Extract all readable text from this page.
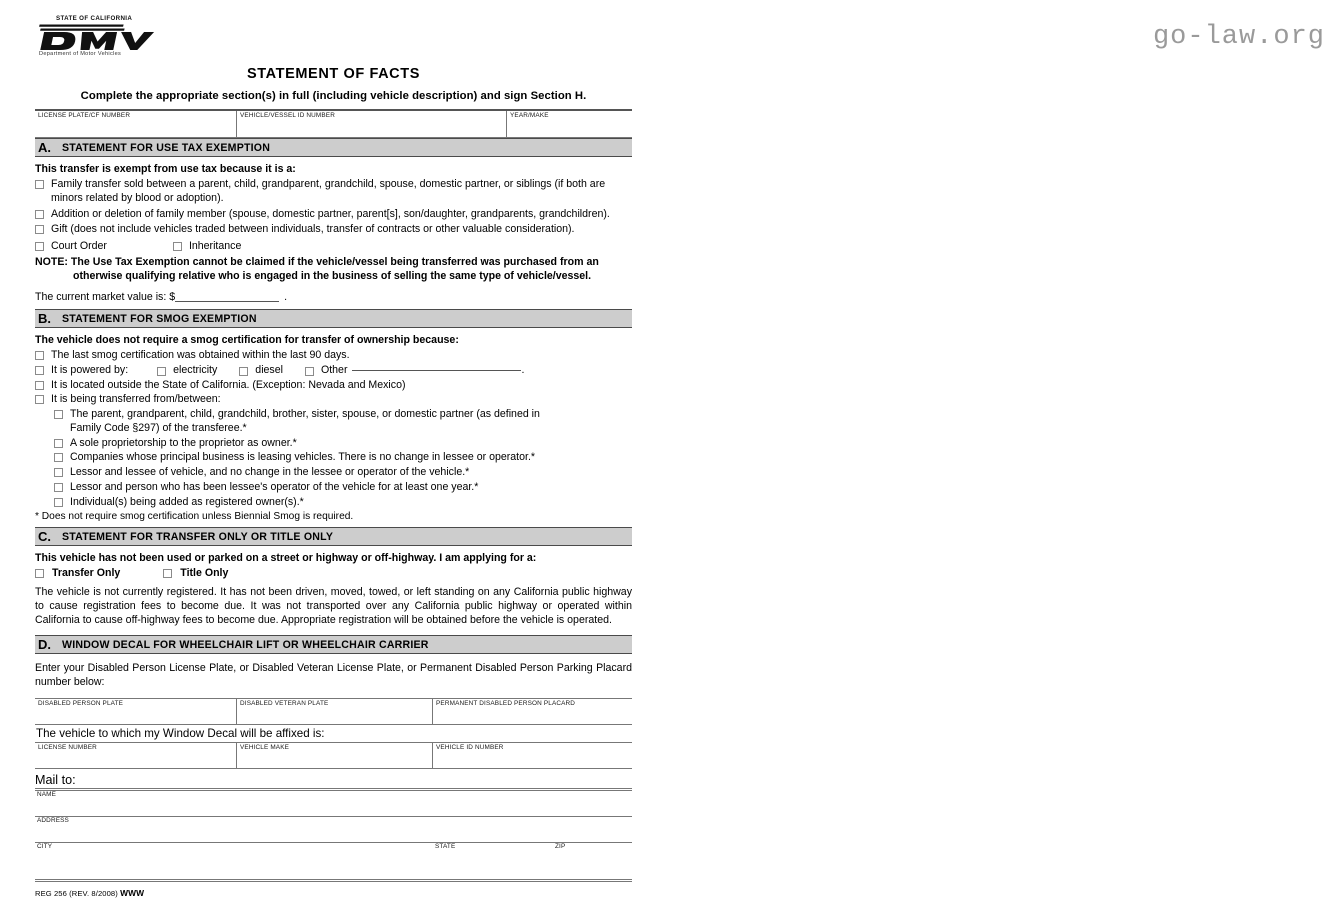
go-law.org
STATE OF CALIFORNIA
Department of Motor Vehicles
STATEMENT OF FACTS
Complete the appropriate section(s) in full (including vehicle description) and sign Section H.
LICENSE PLATE/CF NUMBER	VEHICLE/VESSEL ID NUMBER	YEAR/MAKE
A.	STATEMENT FOR USE TAX EXEMPTION
This transfer is exempt from use tax because it is a:
Family transfer sold between a parent, child, grandparent, grandchild, spouse, domestic partner, or siblings (if both are minors related by blood or adoption).
Addition or deletion of family member (spouse, domestic partner, parent[s], son/daughter, grandparents, grandchildren).
Gift (does not include vehicles traded between individuals, transfer of contracts or other valuable consideration).
Court Order	Inheritance
NOTE: The Use Tax Exemption cannot be claimed if the vehicle/vessel being transferred was purchased from an
otherwise qualifying relative who is engaged in the business of selling the same type of vehicle/vessel.
The current market value is: $	.
B.	STATEMENT FOR SMOG EXEMPTION
The vehicle does not require a smog certification for transfer of ownership because:
The last smog certification was obtained within the last 90 days.
It is powered by:	electricity	diesel	Other	.
It is located outside the State of California. (Exception: Nevada and Mexico)
It is being transferred from/between:
The parent, grandparent, child, grandchild, brother, sister, spouse, or domestic partner (as defined in Family Code §297) of the transferee.*
A sole proprietorship to the proprietor as owner.*
Companies whose principal business is leasing vehicles. There is no change in lessee or operator.*
Lessor and lessee of vehicle, and no change in the lessee or operator of the vehicle.*
Lessor and person who has been lessee's operator of the vehicle for at least one year.*
Individual(s) being added as registered owner(s).*
* Does not require smog certification unless Biennial Smog is required.
C.	STATEMENT FOR TRANSFER ONLY OR TITLE ONLY
This vehicle has not been used or parked on a street or highway or off-highway. I am applying for a:
Transfer Only	Title Only
The vehicle is not currently registered. It has not been driven, moved, towed, or left standing on any California public highway to cause registration fees to become due. It was not transported over any California public highway or operated within California to cause off-highway fees to become due. Appropriate registration will be obtained before the vehicle is operated.
D.	WINDOW DECAL FOR WHEELCHAIR LIFT OR WHEELCHAIR CARRIER
Enter your Disabled Person License Plate, or Disabled Veteran License Plate, or Permanent Disabled Person Parking Placard number below:
DISABLED PERSON PLATE	DISABLED VETERAN PLATE	PERMANENT DISABLED PERSON PLACARD
The vehicle to which my Window Decal will be affixed is:
LICENSE NUMBER	VEHICLE MAKE	VEHICLE ID NUMBER
Mail to:
NAME
ADDRESS
CITY	STATE	ZIP
REG 256 (REV. 8/2008) WWW
